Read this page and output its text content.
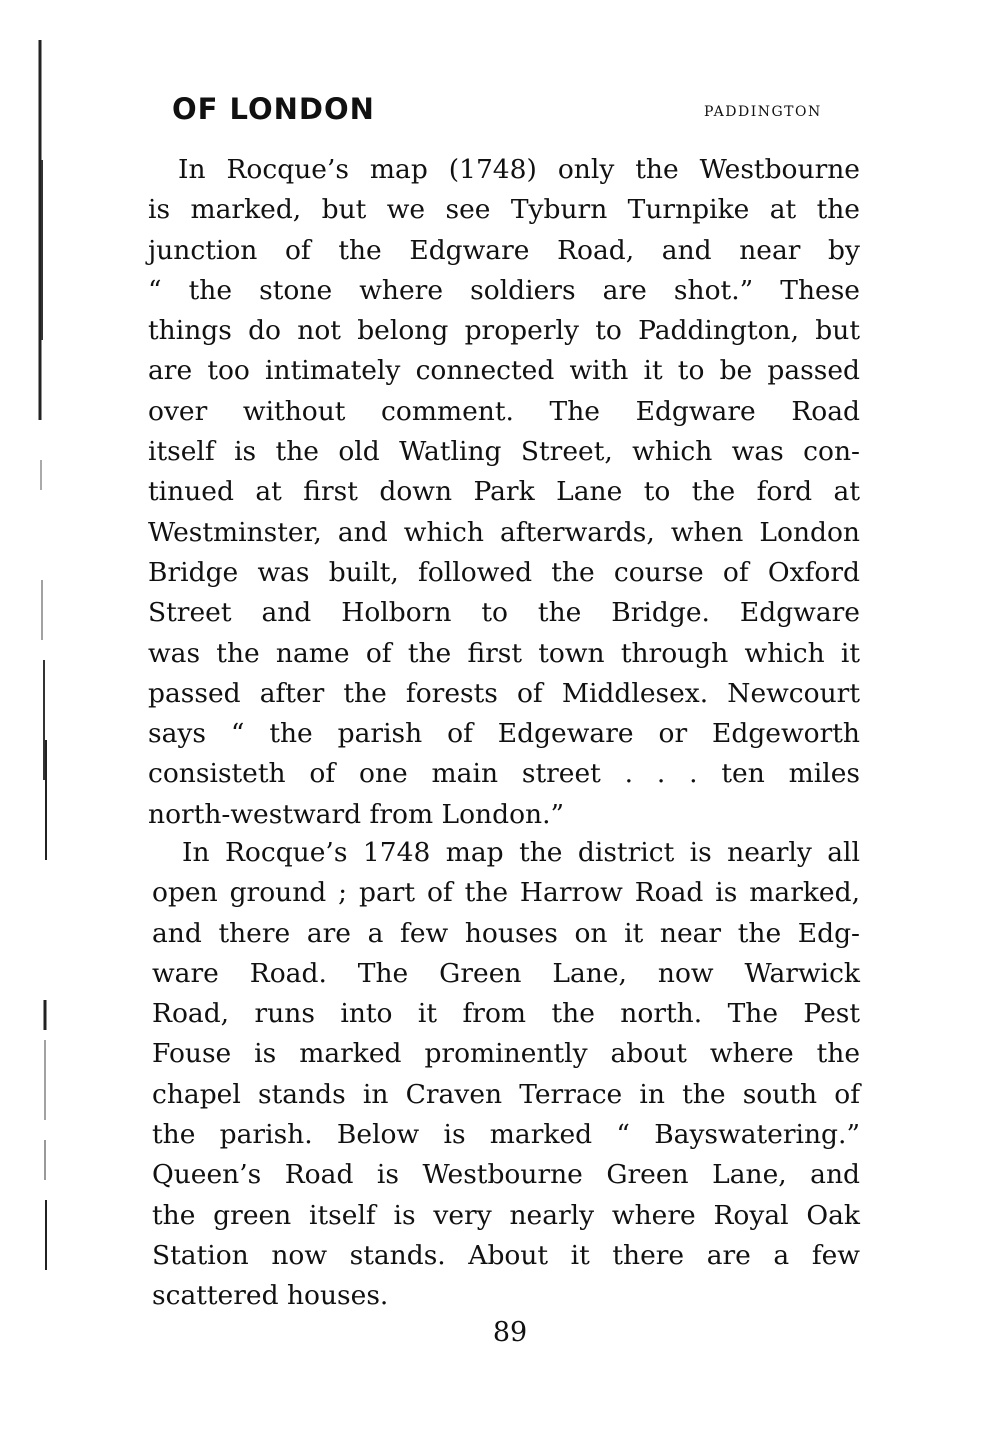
OF LONDON	PADDINGTON
In Rocque’s map (1748) only the Westbourne
is marked, but we see Tyburn Turnpike at the
junction of the Edgware Road, and near by
“ the stone where soldiers are shot.” These
things do not belong properly to Paddington, but
are too intimately connected with it to be passed
over without comment. The Edgware Road
itself is the old Watling Street, which was con-
tinued at first down Park Lane to the ford at
Westminster, and which afterwards, when London
Bridge was built, followed the course of Oxford
Street and Holborn to the Bridge. Edgware
was the name of the first town through which it
passed after the forests of Middlesex. Newcourt
says “ the parish of Edgeware or Edgeworth
consisteth of one main street . . . ten miles
north-westward from London.”
In Rocque’s 1748 map the district is nearly all
open ground ; part of the Harrow Road is marked,
and there are a few houses on it near the Edg-
ware Road. The Green Lane, now Warwick
Road, runs into it from the north. The Pest
Fouse is marked prominently about where the
chapel stands in Craven Terrace in the south of
the parish. Below is marked “ Bayswatering.”
Queen’s Road is Westbourne Green Lane, and
the green itself is very nearly where Royal Oak
Station now stands. About it there are a few
scattered houses.
89
